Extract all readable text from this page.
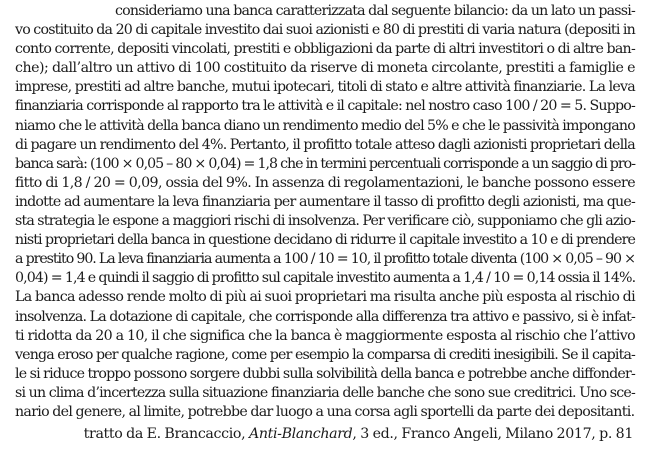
consideriamo una banca caratterizzata dal seguente bilancio: da un lato un passi-
vo costituito da 20 di capitale investito dai suoi azionisti e 80 di prestiti di varia natura (depositi in
conto corrente, depositi vincolati, prestiti e obbligazioni da parte di altri investitori o di altre ban-
che); dall’altro un attivo di 100 costituito da riserve di moneta circolante, prestiti a famiglie e
imprese, prestiti ad altre banche, mutui ipotecari, titoli di stato e altre attività finanziarie. La leva
finanziaria corrisponde al rapporto tra le attività e il capitale: nel nostro caso 100 / 20 = 5. Suppo-
niamo che le attività della banca diano un rendimento medio del 5% e che le passività impongano
di pagare un rendimento del 4%. Pertanto, il profitto totale atteso dagli azionisti proprietari della
banca sarà: (100 × 0,05 – 80 × 0,04) = 1,8 che in termini percentuali corrisponde a un saggio di pro-
fitto di 1,8 / 20 = 0,09, ossia del 9%. In assenza di regolamentazioni, le banche possono essere
indotte ad aumentare la leva finanziaria per aumentare il tasso di profitto degli azionisti, ma que-
sta strategia le espone a maggiori rischi di insolvenza. Per verificare ciò, supponiamo che gli azio-
nisti proprietari della banca in questione decidano di ridurre il capitale investito a 10 e di prendere
a prestito 90. La leva finanziaria aumenta a 100 / 10 = 10, il profitto totale diventa (100 × 0,05 – 90 ×
0,04) = 1,4 e quindi il saggio di profitto sul capitale investito aumenta a 1,4 / 10 = 0,14 ossia il 14%.
La banca adesso rende molto di più ai suoi proprietari ma risulta anche più esposta al rischio di
insolvenza. La dotazione di capitale, che corrisponde alla differenza tra attivo e passivo, si è infat-
ti ridotta da 20 a 10, il che significa che la banca è maggiormente esposta al rischio che l’attivo
venga eroso per qualche ragione, come per esempio la comparsa di crediti inesigibili. Se il capita-
le si riduce troppo possono sorgere dubbi sulla solvibilità della banca e potrebbe anche diffonder-
si un clima d’incertezza sulla situazione finanziaria delle banche che sono sue creditrici. Uno sce-
nario del genere, al limite, potrebbe dar luogo a una corsa agli sportelli da parte dei depositanti.
tratto da E. Brancaccio, Anti-Blanchard, 3 ed., Franco Angeli, Milano 2017, p. 81
